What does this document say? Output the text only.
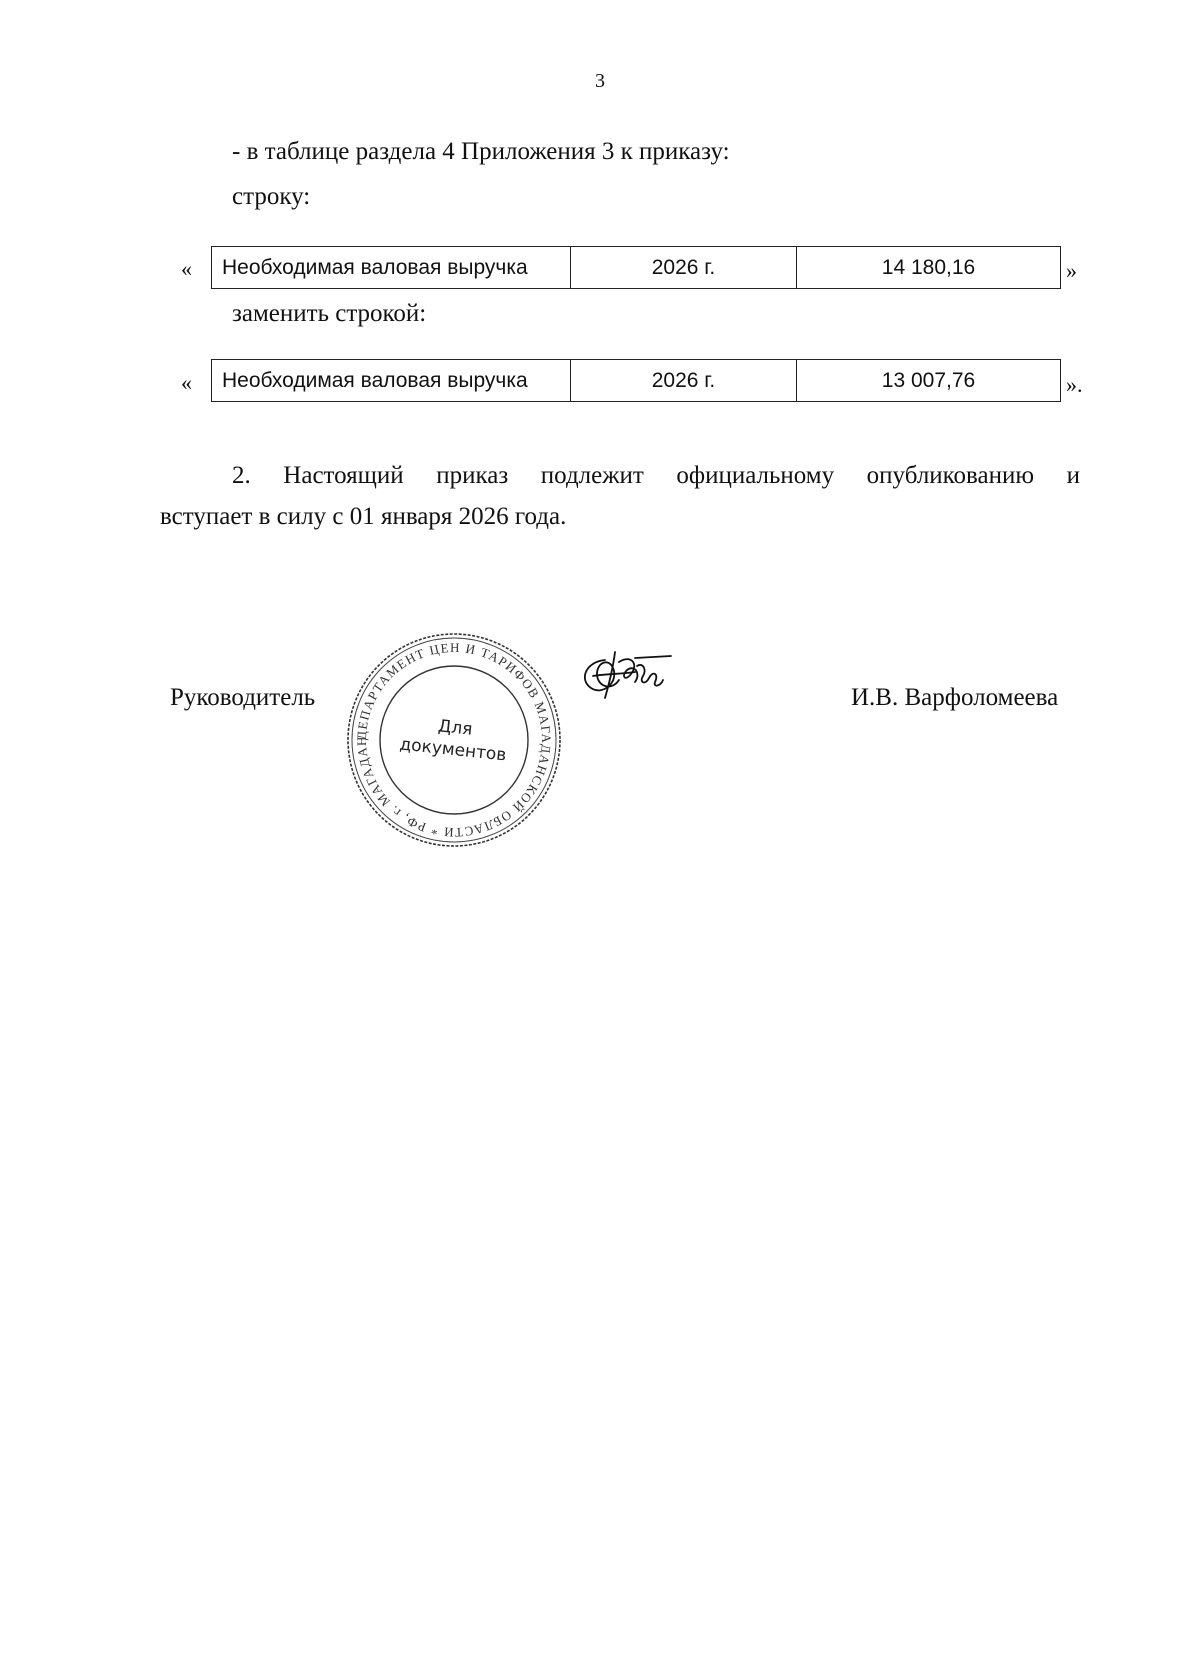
3
- в таблице раздела 4 Приложения 3 к приказу:
строку:
« Необходимая валовая выручка	2026 г.	14 180,16	»
заменить строкой:
« Необходимая валовая выручка	2026 г.	13 007,76	».
2. Настоящий приказ подлежит официальному опубликованию и
вступает в силу с 01 января 2026 года.
Руководитель	И.В. Варфоломеева
ДЕПАРТАМЕНТ ЦЕН И ТАРИФОВ МАГАДАНСКОЙ ОБЛАСТИ * РФ, г. МАГАДАН *
Для
документов
